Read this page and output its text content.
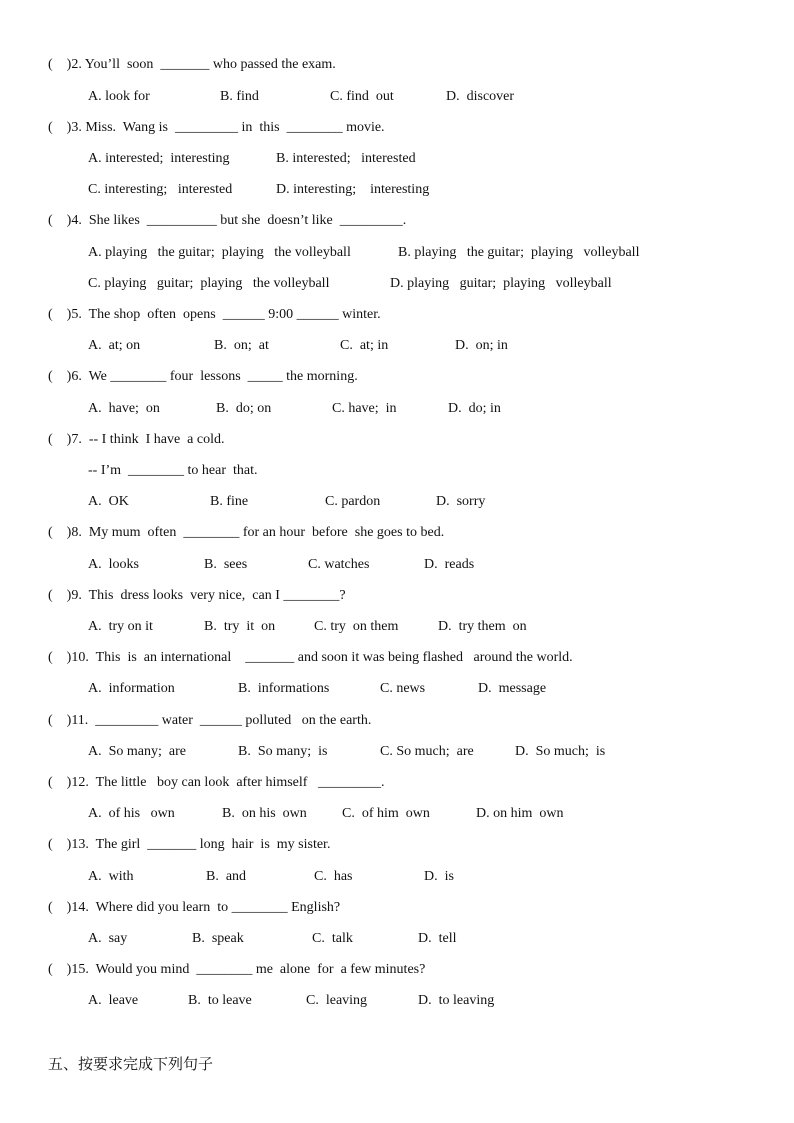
(    )2. You’ll  soon  _______ who passed the exam.
A. look for	B. find	C. find  out	D.  discover
(    )3. Miss.  Wang is  _________ in  this  ________ movie.
A. interested;  interesting	B. interested;   interested
C. interesting;   interested	D. interesting;    interesting
(    )4.  She likes  __________ but she  doesn’t like  _________.
A. playing   the guitar;  playing   the volleyball	B. playing   the guitar;  playing   volleyball
C. playing   guitar;  playing   the volleyball	D. playing   guitar;  playing   volleyball
(    )5.  The shop  often  opens  ______ 9:00 ______ winter.
A.  at; on	B.  on;  at	C.  at; in	D.  on; in
(    )6.  We ________ four  lessons  _____ the morning.
A.  have;  on	B.  do; on	C. have;  in	D.  do; in
(    )7.  -- I think  I have  a cold.
-- I’m  ________ to hear  that.
A.  OK	B. fine	C. pardon	D.  sorry
(    )8.  My mum  often  ________ for an hour  before  she goes to bed.
A.  looks	B.  sees	C. watches	D.  reads
(    )9.  This  dress looks  very nice,  can I ________?
A.  try on it	B.  try  it  on	C. try  on them	D.  try them  on
(    )10.  This  is  an international    _______ and soon it was being flashed   around the world.
A.  information	B.  informations	C. news	D.  message
(    )11.  _________ water  ______ polluted   on the earth.
A.  So many;  are	B.  So many;  is	C. So much;  are	D.  So much;  is
(    )12.  The little   boy can look  after himself   _________.
A.  of his   own	B.  on his  own	C.  of him  own	D. on him  own
(    )13.  The girl  _______ long  hair  is  my sister.
A.  with	B.  and	C.  has	D.  is
(    )14.  Where did you learn  to ________ English?
A.  say	B.  speak	C.  talk	D.  tell
(    )15.  Would you mind  ________ me  alone  for  a few minutes?
A.  leave	B.  to leave	C.  leaving	D.  to leaving
五、按要求完成下列句子
